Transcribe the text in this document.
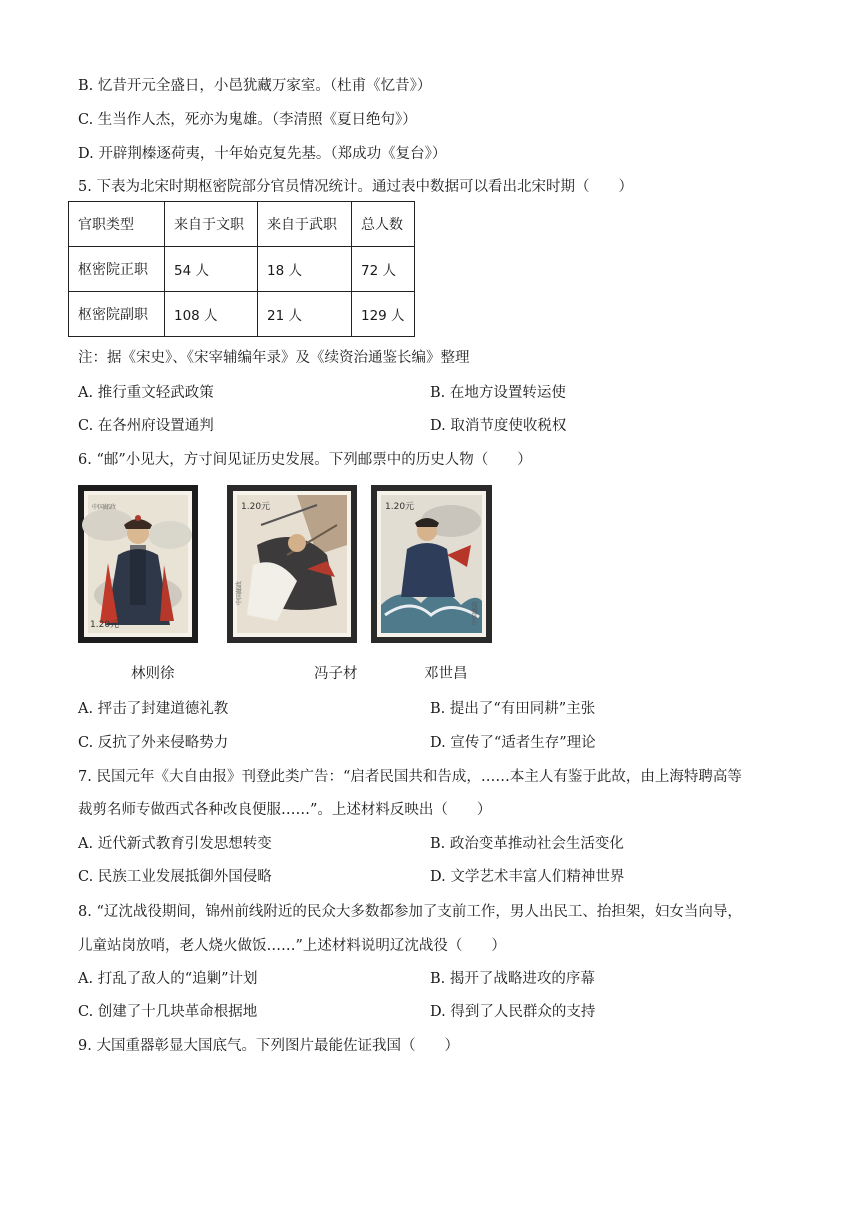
B. 忆昔开元全盛日，小邑犹藏万家室。（杜甫《忆昔》）
C. 生当作人杰，死亦为鬼雄。（李清照《夏日绝句》）
D. 开辟荆榛逐荷夷，十年始克复先基。（郑成功《复台》）
5. 下表为北宋时期枢密院部分官员情况统计。通过表中数据可以看出北宋时期（　　）
官职类型	来自于文职	来自于武职	总人数
枢密院正职	54 人	18 人	72 人
枢密院副职	108 人	21 人	129 人
注：据《宋史》、《宋宰辅编年录》及《续资治通鉴长编》整理
A. 推行重文轻武政策	B. 在地方设置转运使
C. 在各州府设置通判	D. 取消节度使收税权
6. “邮”小见大，方寸间见证历史发展。下列邮票中的历史人物（　　）
中国邮政
1.20元
1.20元
中国邮政
1.20元
中国邮政
林则徐	冯子材	邓世昌
A. 抨击了封建道德礼教	B. 提出了“有田同耕”主张
C. 反抗了外来侵略势力	D. 宣传了“适者生存”理论
7. 民国元年《大自由报》刊登此类广告：“启者民国共和告成，……本主人有鉴于此故，由上海特聘高等
裁剪名师专做西式各种改良便服……”。上述材料反映出（　　）
A. 近代新式教育引发思想转变	B. 政治变革推动社会生活变化
C. 民族工业发展抵御外国侵略	D. 文学艺术丰富人们精神世界
8. “辽沈战役期间，锦州前线附近的民众大多数都参加了支前工作，男人出民工、抬担架，妇女当向导，
儿童站岗放哨，老人烧火做饭……”上述材料说明辽沈战役（　　）
A. 打乱了敌人的“追剿”计划	B. 揭开了战略进攻的序幕
C. 创建了十几块革命根据地	D. 得到了人民群众的支持
9. 大国重器彰显大国底气。下列图片最能佐证我国（　　）
